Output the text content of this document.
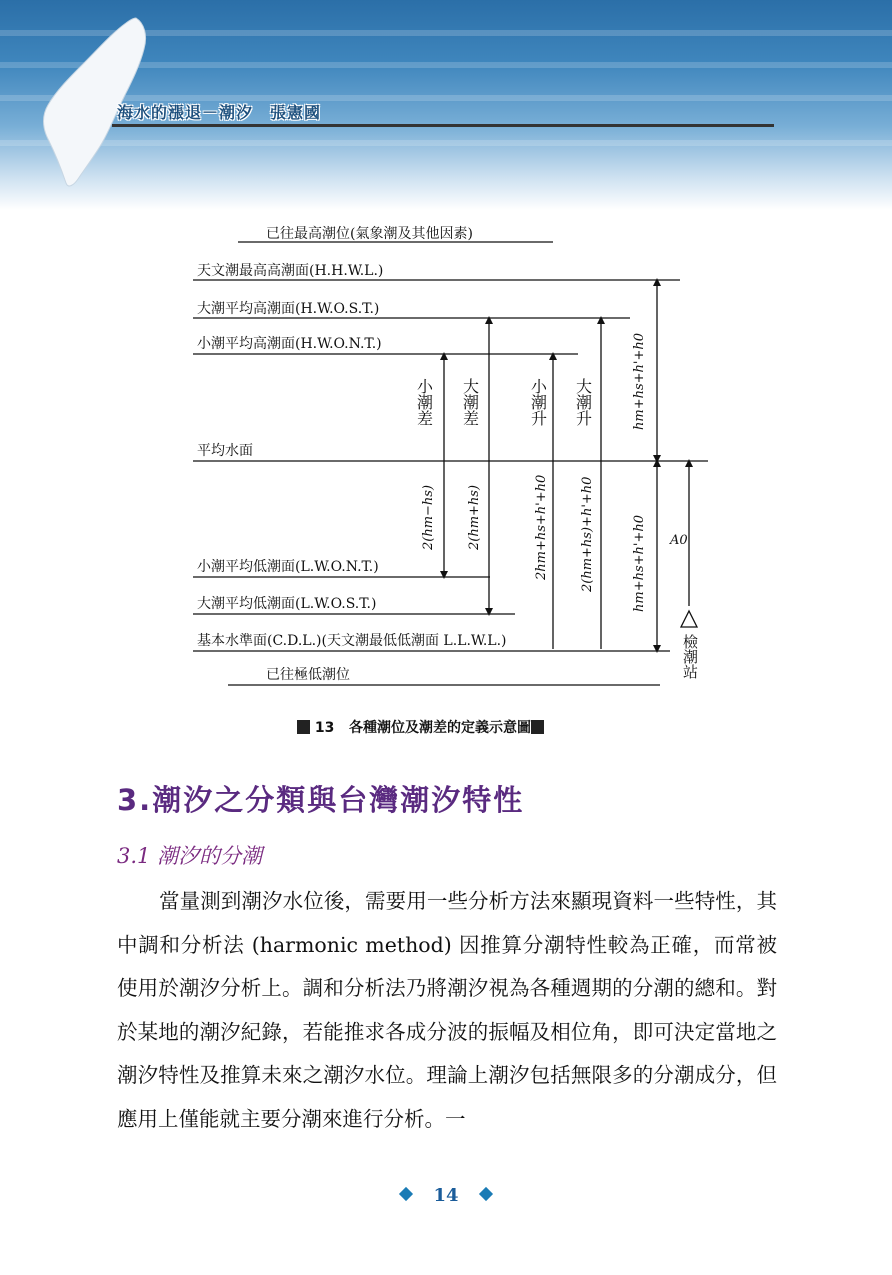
海水的漲退－潮汐　張憲國
已往最高潮位(氣象潮及其他因素)
天文潮最高高潮面(H.H.W.L.)
大潮平均高潮面(H.W.O.S.T.)
小潮平均高潮面(H.W.O.N.T.)
平均水面
小潮平均低潮面(L.W.O.N.T.)
大潮平均低潮面(L.W.O.S.T.)
基本水準面(C.D.L.)(天文潮最低低潮面 L.L.W.L.)
已往極低潮位
小潮差 大潮差	小潮升 大潮升
檢潮站
hm+hs+h'+h0
2(hm−hs) 2(hm+hs)	2hm+hs+h'+h0 2(hm+hs)+h'+h0	hm+hs+h'+h0 A0
13 各種潮位及潮差的定義示意圖
3.潮汐之分類與台灣潮汐特性
3.1 潮汐的分潮

當量測到潮汐水位後，需要用一些分析方法來顯現資料一些特性，其中調和分析法 (harmonic method) 因推算分潮特性較為正確，而常被使用於潮汐分析上。調和分析法乃將潮汐視為各種週期的分潮的總和。對於某地的潮汐紀錄，若能推求各成分波的振幅及相位角，即可決定當地之潮汐特性及推算未來之潮汐水位。理論上潮汐包括無限多的分潮成分，但應用上僅能就主要分潮來進行分析。一

14
